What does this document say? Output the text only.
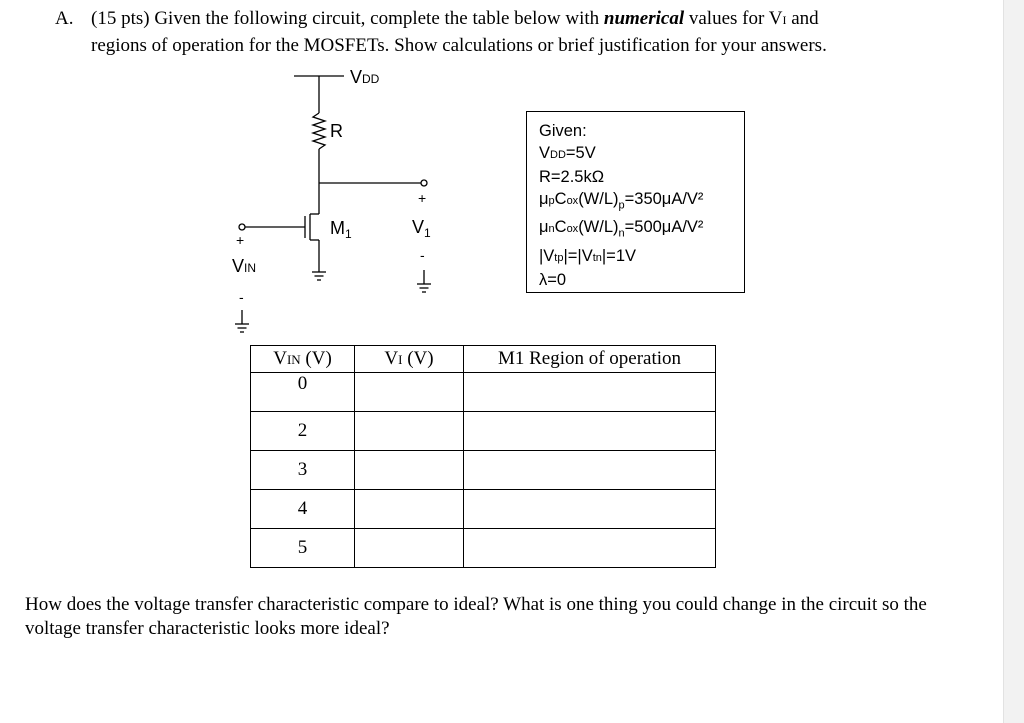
A. (15 pts) Given the following circuit, complete the table below with numerical values for VI and
regions of operation for the MOSFETs. Show calculations or brief justification for your answers.
VDD
R
$M_1$
+
$V_1$
-
+
VIN
-
Given:
VDD=5V
R=2.5kΩ
$\mu pCox(W/L)_p=350\mu A/V^2$
$\mu nCox(W/L)_n=500\mu A/V^2$
|Vtp|=|Vtn|=1V
λ=0
VIN (V)	VI (V)	M1 Region of operation
0		
2		
3		
4		
5		
How does the voltage transfer characteristic compare to ideal? What is one thing you could change in the circuit so the voltage transfer characteristic looks more ideal?
